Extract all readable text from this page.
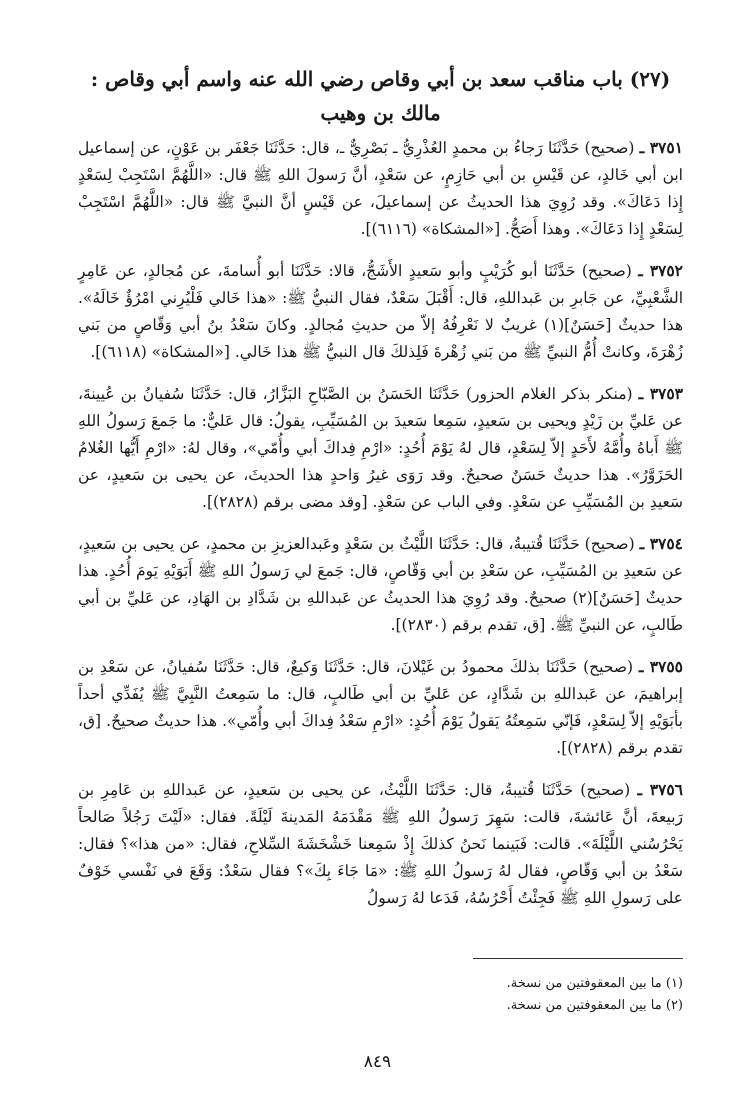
(٢٧) باب مناقب سعد بن أبي وقاص رضي الله عنه واسم أبي وقاص : مالك بن وهيب

٣٧٥١ ـ (صحيح) حَدَّثَنَا رَجاءُ بن محمدٍ العُذْرِيُّ ـ بَصْرِيٌّ ـ، قال: حَدَّثَنَا جَعْفَر بن عَوْنٍ، عن إسماعيل ابن أبي خَالدٍ، عن قَيْسِ بن أبي حَازِمٍ، عن سَعْدٍ، أنَّ رَسولَ اللهِ ﷺ قال: «اللَّهُمَّ اسْتَجِبْ لِسَعْدٍ إِذا دَعَاكَ». وقد رُوِيَ هذا الحديثُ عن إسماعيلَ، عن قَيْسٍ أنَّ النبيَّ ﷺ قال: «اللَّهُمَّ اسْتَجِبْ لِسَعْدٍ إِذا دَعَاكَ». وهذا أَصَحُّ. [«المشكاة» (٦١١٦)].

٣٧٥٢ ـ (صحيح) حَدَّثَنَا أبو كُرَيْبٍ وأبو سَعيدٍ الأَشَجُّ، قالا: حَدَّثَنَا أبو أُسامةَ، عن مُجالدٍ، عن عَامِرٍ الشَّعْبِيِّ، عن جَابرِ بن عَبداللهِ، قال: أَقْبَلَ سَعْدٌ، فقال النبيُّ ﷺ: «هذا خَالي فَلْيُرِني امْرُؤٌ خَالَهُ». هذا حديثٌ [حَسَنٌ](١) غريبٌ لا نَعْرِفُهُ إلاّ من حديثِ مُجالدٍ. وكانَ سَعْدُ بنُ أبي وَقّاصٍ من بَني زُهْرَةَ، وكانتْ أُمُّ النبيِّ ﷺ من بَني زُهْرةَ فَلِذلكَ قال النبيُّ ﷺ هذا خَالي. [«المشكاة» (٦١١٨)].

٣٧٥٣ ـ (منكر بذكر الغلام الحزور) حَدَّثَنَا الحَسَنُ بن الصَّبّاحِ البَزَّارُ، قال: حَدَّثَنَا سُفيانُ بن عُيينةَ، عن عَليِّ بن زَيْدٍ ويحيى بن سَعيدٍ، سَمِعا سَعيدَ بن المُسَيِّبِ، يقولُ: قال عَليٌّ: ما جَمعَ رَسولُ اللهِ ﷺ أَباهُ وأُمَّهُ لأَحَدٍ إلاّ لِسَعْدٍ، قال لهُ يَوْمَ أُحُدٍ: «ارْمِ فِداكَ أبي وأُمّي»، وقال لهُ: «ارْمِ أَيُّها الغُلامُ الحَزَوَّرُ». هذا حديثٌ حَسَنٌ صحيحٌ. وقد رَوَى غيرُ وَاحدٍ هذا الحديثَ، عن يحيى بن سَعيدٍ، عن سَعيدِ بن المُسَيِّبِ عن سَعْدٍ. وفي الباب عن سَعْدٍ. [وقد مضى برقم (٢٨٢٨)].

٣٧٥٤ ـ (صحيح) حَدَّثَنَا قُتيبةُ، قال: حَدَّثَنَا اللَّيْثُ بن سَعْدٍ وعَبدالعزيزِ بن محمدٍ، عن يحيى بن سَعيدٍ، عن سَعيدِ بن المُسَيِّبِ، عن سَعْدِ بن أبي وَقّاصٍ، قال: جَمعَ لي رَسولُ اللهِ ﷺ أَبَوَيْهِ يَومَ أُحُدٍ. هذا حديثٌ [حَسَنٌ](٢) صحيحٌ. وقد رُوِيَ هذا الحديثُ عن عَبداللهِ بن شَدَّادِ بن الهَادِ، عن عَليِّ بن أبي طَالبٍ، عن النبيِّ ﷺ. [ق، تقدم برقم (٢٨٣٠)].

٣٧٥٥ ـ (صحيح) حَدَّثَنَا بذلكَ محمودُ بن غَيْلانَ، قال: حَدَّثَنَا وَكيعٌ، قال: حَدَّثَنَا سُفيانُ، عن سَعْدِ بن إبراهيمَ، عن عَبداللهِ بن شَدَّادٍ، عن عَليِّ بن أبي طَالبٍ، قال: ما سَمِعتُ النَّبِيَّ ﷺ يُفَدِّي أحداً بأبَوَيْهِ إلاّ لِسَعْدٍ، فَإنّي سَمِعتُهُ يَقولُ يَوْمَ أُحُدٍ: «ارْمِ سَعْدُ فِداكَ أبي وأُمّي». هذا حديثٌ صحيحٌ. [ق، تقدم برقم (٢٨٢٨)].

٣٧٥٦ ـ (صحيح) حَدَّثَنَا قُتيبةُ، قال: حَدَّثَنَا اللَّيْثُ، عن يحيى بن سَعيدٍ، عن عَبداللهِ بن عَامِرِ بن رَبيعةَ، أنَّ عَائشةَ، قالت: سَهِرَ رَسولُ اللهِ ﷺ مَقْدَمَهُ المَدينةَ لَيْلَةً. فقال: «لَيْتَ رَجُلاً صَالحاً يَحْرُسُني اللَّيْلَةَ». قالت: فَبَينما نَحنُ كذلكَ إِذْ سَمِعنا خَشْخَشَةَ السِّلاحِ، فقال: «من هذا»؟ فقال: سَعْدُ بن أبي وَقّاصٍ، فقال لهُ رَسولُ اللهِ ﷺ: «مَا جَاءَ بِكَ»؟ فقال سَعْدٌ: وَقَعَ في نَفْسي خَوْفٌ على رَسولِ اللهِ ﷺ فَجِئْتُ أَحْرُسُهُ، فَدَعا لهُ رَسولُ

(١) ما بين المعقوفتين من نسخة.
(٢) ما بين المعقوفتين من نسخة.
٨٤٩
